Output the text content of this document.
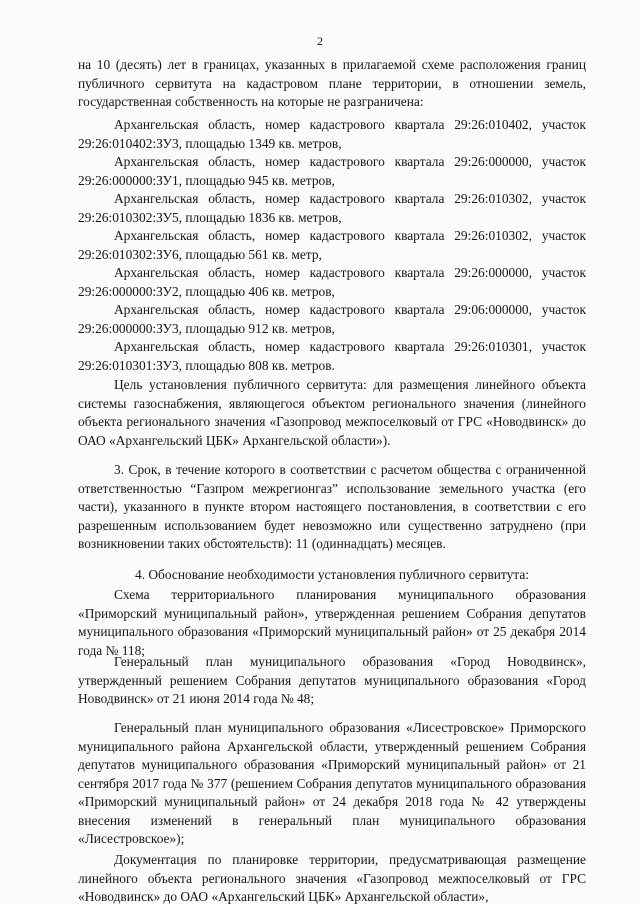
2
на 10 (десять) лет в границах, указанных в прилагаемой схеме расположения границ публичного сервитута на кадастровом плане территории, в отношении земель, государственная собственность на которые не разграничена:
Архангельская область, номер кадастрового квартала 29:26:010402, участок 29:26:010402:ЗУ3, площадью 1349 кв. метров,
Архангельская область, номер кадастрового квартала 29:26:000000, участок 29:26:000000:ЗУ1, площадью 945 кв. метров,
Архангельская область, номер кадастрового квартала 29:26:010302, участок 29:26:010302:ЗУ5, площадью 1836 кв. метров,
Архангельская область, номер кадастрового квартала 29:26:010302, участок 29:26:010302:ЗУ6, площадью 561 кв. метр,
Архангельская область, номер кадастрового квартала 29:26:000000, участок 29:26:000000:ЗУ2, площадью 406 кв. метров,
Архангельская область, номер кадастрового квартала 29:06:000000, участок 29:26:000000:ЗУ3, площадью 912 кв. метров,
Архангельская область, номер кадастрового квартала 29:26:010301, участок 29:26:010301:ЗУ3, площадью 808 кв. метров.
Цель установления публичного сервитута: для размещения линейного объекта системы газоснабжения, являющегося объектом регионального значения (линейного объекта регионального значения «Газопровод межпоселковый от ГРС «Новодвинск» до ОАО «Архангельский ЦБК» Архангельской области»).
3. Срок, в течение которого в соответствии с расчетом общества с ограниченной ответственностью “Газпром межрегионгаз” использование земельного участка (его части), указанного в пункте втором настоящего постановления, в соответствии с его разрешенным использованием будет невозможно или существенно затруднено (при возникновении таких обстоятельств): 11 (одиннадцать) месяцев.
4. Обоснование необходимости установления публичного сервитута:
Схема территориального планирования муниципального образования «Приморский муниципальный район», утвержденная решением Собрания депутатов муниципального образования «Приморский муниципальный район» от 25 декабря 2014 года № 118;
Генеральный план муниципального образования «Город Новодвинск», утвержденный решением Собрания депутатов муниципального образования «Город Новодвинск» от 21 июня 2014 года № 48;
Генеральный план муниципального образования «Лисестровское» Приморского муниципального района Архангельской области, утвержденный решением Собрания депутатов муниципального образования «Приморский муниципальный район» от 21 сентября 2017 года № 377 (решением Собрания депутатов муниципального образования «Приморский муниципальный район» от 24 декабря 2018 года № 42 утверждены внесения изменений в генеральный план муниципального образования «Лисестровское»);
Документация по планировке территории, предусматривающая размещение линейного объекта регионального значения «Газопровод межпоселковый от ГРС «Новодвинск» до ОАО «Архангельский ЦБК» Архангельской области»,
